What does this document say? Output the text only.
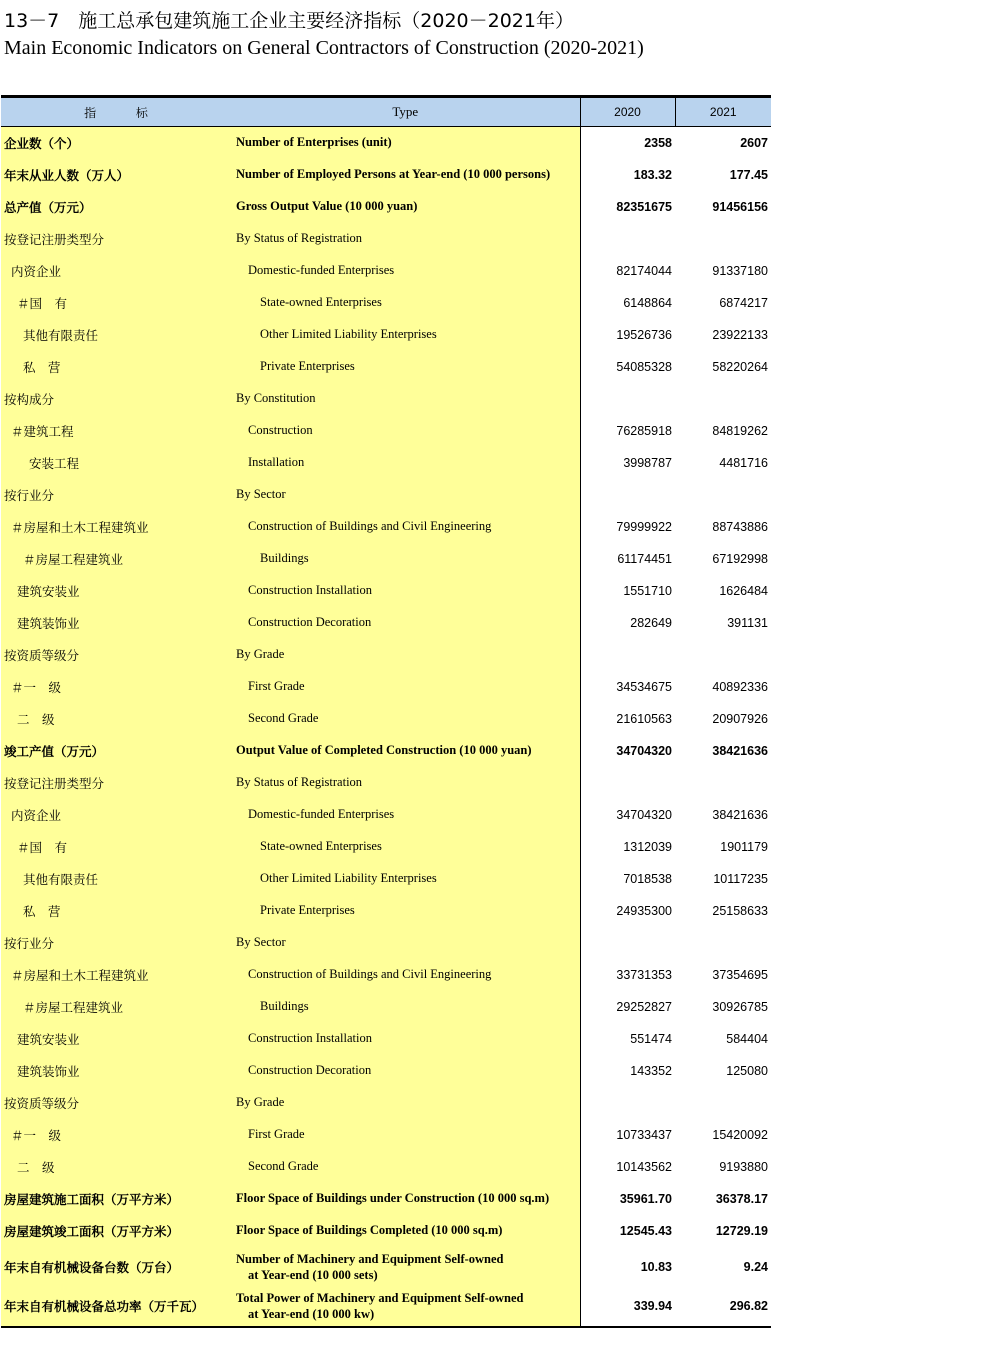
13－7　施工总承包建筑施工企业主要经济指标（2020－2021年）
Main Economic Indicators on General Contractors of Construction (2020-2021)
指 标	Type	2020	2021
企业数（个）	Number of Enterprises (unit)	2358	2607
年末从业人数（万人）	Number of Employed Persons at Year-end (10 000 persons)	183.32	177.45
总产值（万元）	Gross Output Value (10 000 yuan)	82351675	91456156
按登记注册类型分	By Status of Registration		
内资企业	Domestic-funded Enterprises	82174044	91337180
＃国　有	State-owned Enterprises	6148864	6874217
其他有限责任	Other Limited Liability Enterprises	19526736	23922133
私　营	Private Enterprises	54085328	58220264
按构成分	By Constitution		
＃建筑工程	Construction	76285918	84819262
安装工程	Installation	3998787	4481716
按行业分	By Sector		
＃房屋和土木工程建筑业	Construction of Buildings and Civil Engineering	79999922	88743886
＃房屋工程建筑业	Buildings	61174451	67192998
建筑安装业	Construction Installation	1551710	1626484
建筑装饰业	Construction Decoration	282649	391131
按资质等级分	By Grade		
＃一　级	First Grade	34534675	40892336
二　级	Second Grade	21610563	20907926
竣工产值（万元）	Output Value of Completed Construction (10 000 yuan)	34704320	38421636
按登记注册类型分	By Status of Registration		
内资企业	Domestic-funded Enterprises	34704320	38421636
＃国　有	State-owned Enterprises	1312039	1901179
其他有限责任	Other Limited Liability Enterprises	7018538	10117235
私　营	Private Enterprises	24935300	25158633
按行业分	By Sector		
＃房屋和土木工程建筑业	Construction of Buildings and Civil Engineering	33731353	37354695
＃房屋工程建筑业	Buildings	29252827	30926785
建筑安装业	Construction Installation	551474	584404
建筑装饰业	Construction Decoration	143352	125080
按资质等级分	By Grade		
＃一　级	First Grade	10733437	15420092
二　级	Second Grade	10143562	9193880
房屋建筑施工面积（万平方米）	Floor Space of Buildings under Construction (10 000 sq.m)	35961.70	36378.17
房屋建筑竣工面积（万平方米）	Floor Space of Buildings Completed (10 000 sq.m)	12545.43	12729.19
年末自有机械设备台数（万台）	Number of Machinery and Equipment Self-owned
at Year-end (10 000 sets)	10.83	9.24
年末自有机械设备总功率（万千瓦）	Total Power of Machinery and Equipment Self-owned
at Year-end (10 000 kw)	339.94	296.82
